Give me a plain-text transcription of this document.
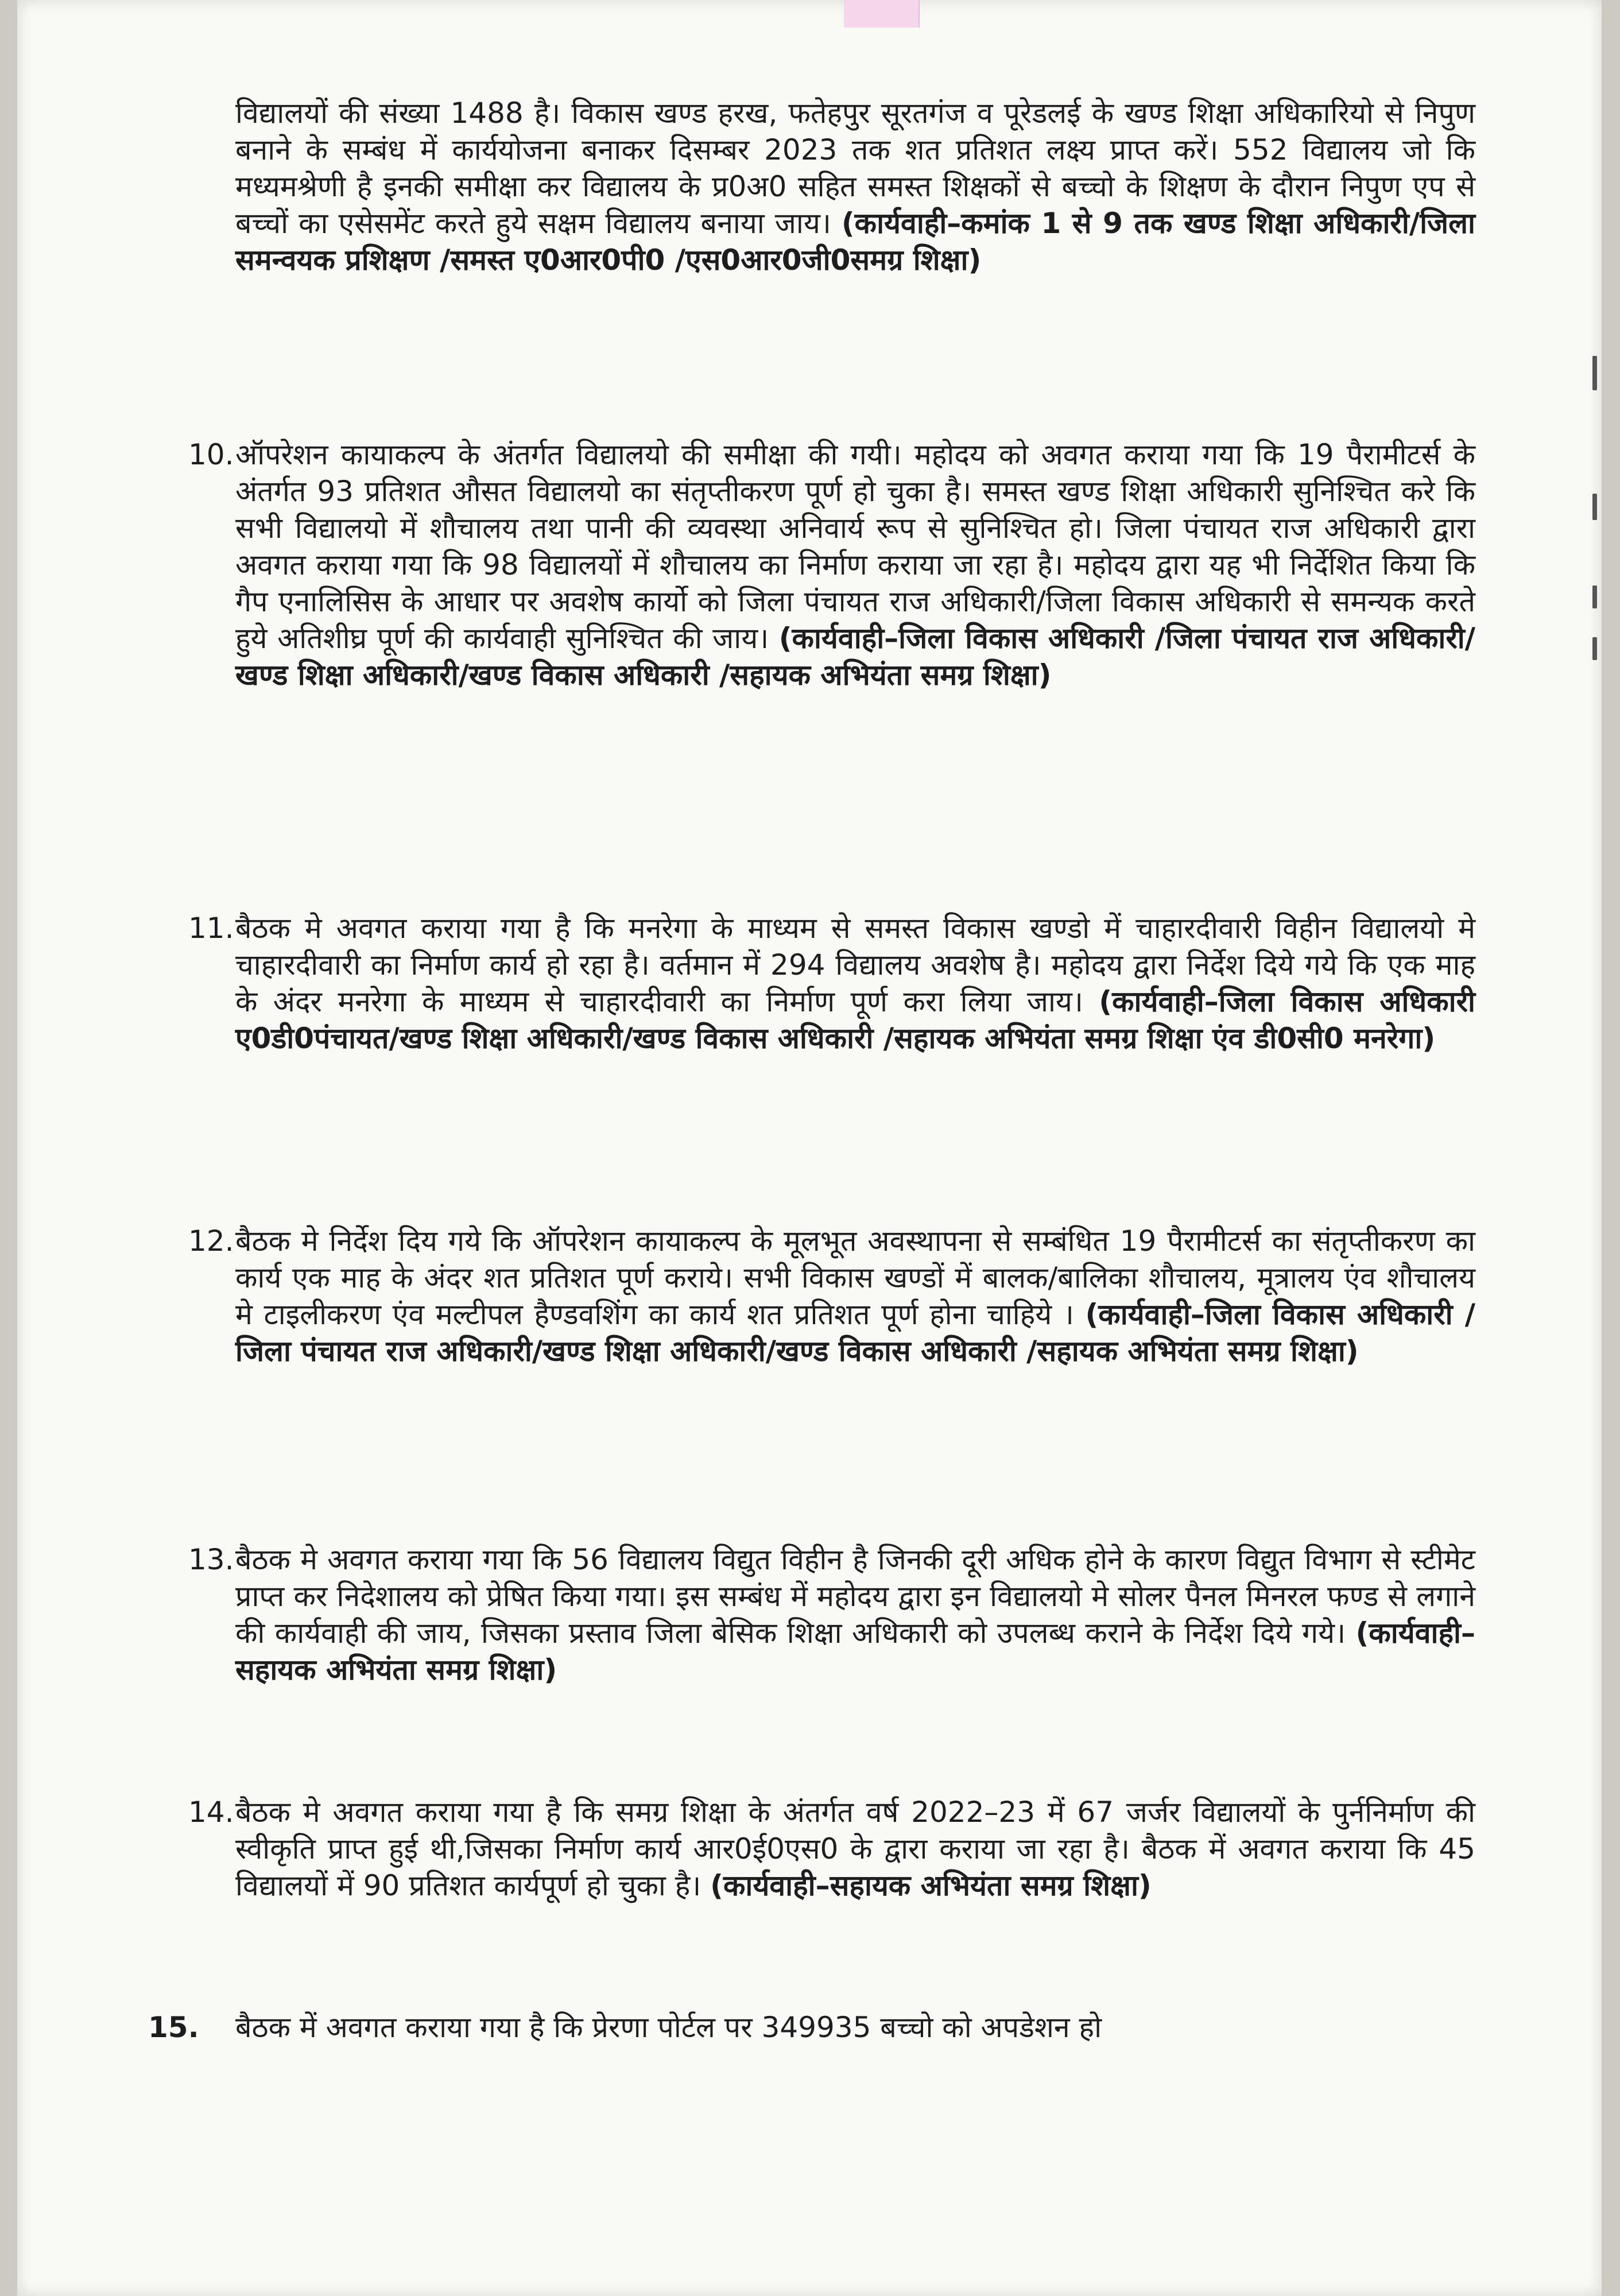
विद्यालयों की संख्या 1488 है। विकास खण्ड हरख, फतेहपुर सूरतगंज व पूरेडलई के खण्ड शिक्षा अधिकारियो से निपुण बनाने के सम्बंध में कार्ययोजना बनाकर दिसम्बर 2023 तक शत प्रतिशत लक्ष्य प्राप्त करें। 552 विद्यालय जो कि मध्यमश्रेणी है इनकी समीक्षा कर विद्यालय के प्र0अ0 सहित समस्त शिक्षकों से बच्चो के शिक्षण के दौरान निपुण एप से बच्चों का एसेसमेंट करते हुये सक्षम विद्यालय बनाया जाय। (कार्यवाही–कमांक 1 से 9 तक खण्ड शिक्षा अधिकारी/जिला समन्वयक प्रशिक्षण /समस्त ए0आर0पी0 /एस0आर0जी0समग्र शिक्षा)

10. ऑपरेशन कायाकल्प के अंतर्गत विद्यालयो की समीक्षा की गयी। महोदय को अवगत कराया गया कि 19 पैरामीटर्स के अंतर्गत 93 प्रतिशत औसत विद्यालयो का संतृप्तीकरण पूर्ण हो चुका है। समस्त खण्ड शिक्षा अधिकारी सुनिश्चित करे कि सभी विद्यालयो में शौचालय तथा पानी की व्यवस्था अनिवार्य रूप से सुनिश्चित हो। जिला पंचायत राज अधिकारी द्वारा अवगत कराया गया कि 98 विद्यालयों में शौचालय का निर्माण कराया जा रहा है। महोदय द्वारा यह भी निर्देशित किया कि गैप एनालिसिस के आधार पर अवशेष कार्यो को जिला पंचायत राज अधिकारी/जिला विकास अधिकारी से समन्यक करते हुये अतिशीघ्र पूर्ण की कार्यवाही सुनिश्चित की जाय। (कार्यवाही–जिला विकास अधिकारी /जिला पंचायत राज अधिकारी/खण्ड शिक्षा अधिकारी/खण्ड विकास अधिकारी /सहायक अभियंता समग्र शिक्षा)

11. बैठक मे अवगत कराया गया है कि मनरेगा के माध्यम से समस्त विकास खण्डो में चाहारदीवारी विहीन विद्यालयो मे चाहारदीवारी का निर्माण कार्य हो रहा है। वर्तमान में 294 विद्यालय अवशेष है। महोदय द्वारा निर्देश दिये गये कि एक माह के अंदर मनरेगा के माध्यम से चाहारदीवारी का निर्माण पूर्ण करा लिया जाय। (कार्यवाही–जिला विकास अधिकारी ए0डी0पंचायत/खण्ड शिक्षा अधिकारी/खण्ड विकास अधिकारी /सहायक अभियंता समग्र शिक्षा एंव डी0सी0 मनरेगा)

12. बैठक मे निर्देश दिय गये कि ऑपरेशन कायाकल्प के मूलभूत अवस्थापना से सम्बंधित 19 पैरामीटर्स का संतृप्तीकरण का कार्य एक माह के अंदर शत प्रतिशत पूर्ण कराये। सभी विकास खण्डों में बालक/बालिका शौचालय, मूत्रालय एंव शौचालय मे टाइलीकरण एंव मल्टीपल हैण्डवशिंग का कार्य शत प्रतिशत पूर्ण होना चाहिये । (कार्यवाही–जिला विकास अधिकारी /जिला पंचायत राज अधिकारी/खण्ड शिक्षा अधिकारी/खण्ड विकास अधिकारी /सहायक अभियंता समग्र शिक्षा)

13. बैठक मे अवगत कराया गया कि 56 विद्यालय विद्युत विहीन है जिनकी दूरी अधिक होने के कारण विद्युत विभाग से स्टीमेट प्राप्त कर निदेशालय को प्रेषित किया गया। इस सम्बंध में महोदय द्वारा इन विद्यालयो मे सोलर पैनल मिनरल फण्ड से लगाने की कार्यवाही की जाय, जिसका प्रस्ताव जिला बेसिक शिक्षा अधिकारी को उपलब्ध कराने के निर्देश दिये गये। (कार्यवाही–सहायक अभियंता समग्र शिक्षा)

14. बैठक मे अवगत कराया गया है कि समग्र शिक्षा के अंतर्गत वर्ष 2022–23 में 67 जर्जर विद्यालयों के पुर्ननिर्माण की स्वीकृति प्राप्त हुई थी,जिसका निर्माण कार्य आर0ई0एस0 के द्वारा कराया जा रहा है। बैठक में अवगत कराया कि 45 विद्यालयों में 90 प्रतिशत कार्यपूर्ण हो चुका है। (कार्यवाही–सहायक अभियंता समग्र शिक्षा)

15. बैठक में अवगत कराया गया है कि प्रेरणा पोर्टल पर 349935 बच्चो को अपडेशन हो
